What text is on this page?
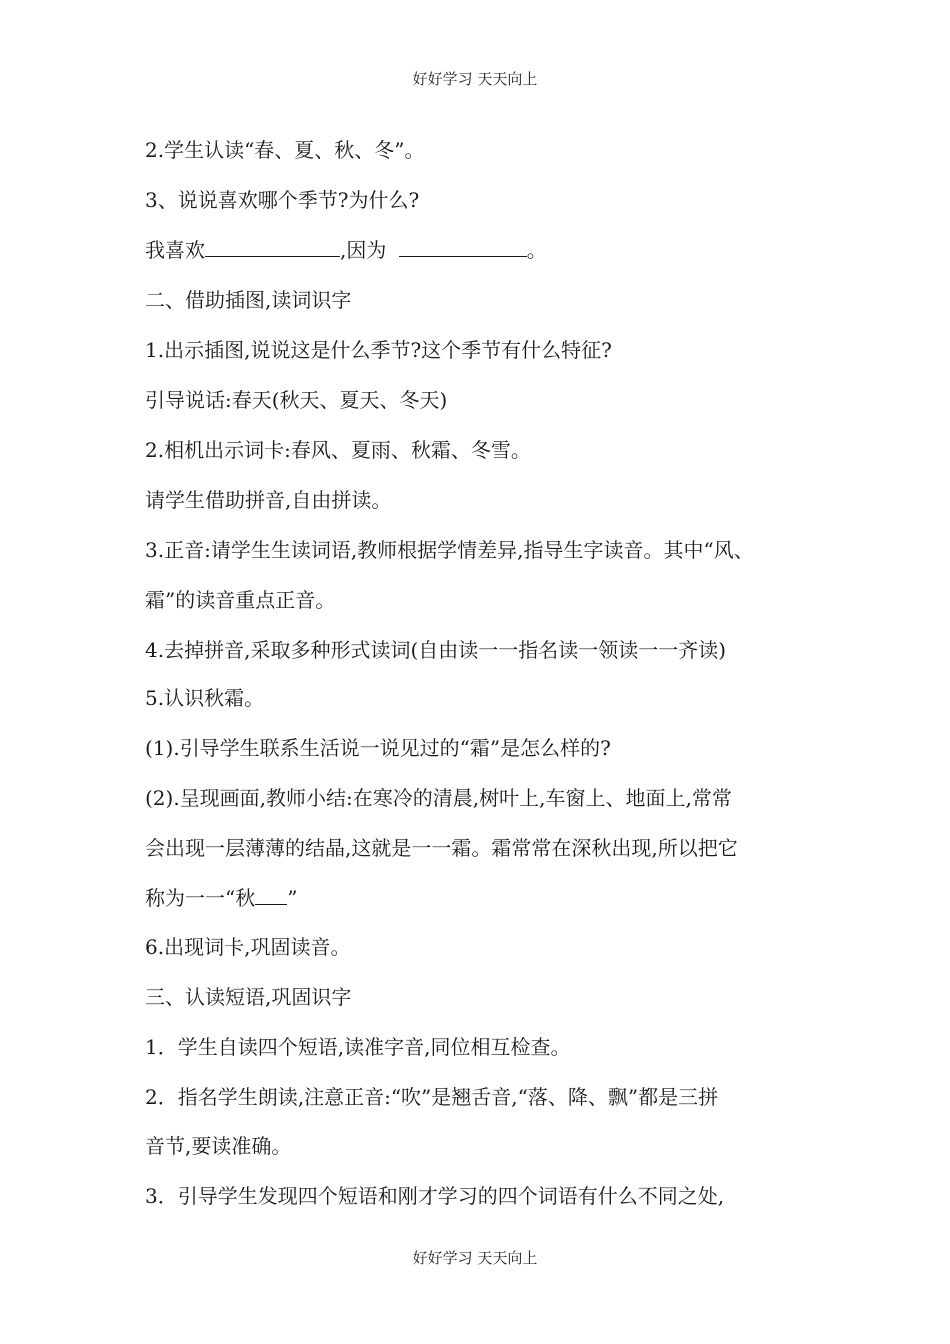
好好学习 天天向上
2.学生认读“春、夏、秋、冬”。
3、说说喜欢哪个季节?为什么?
我喜欢	,因为	。
二、借助插图,读词识字
1.出示插图,说说这是什么季节?这个季节有什么特征?
引导说话:春天(秋天、夏天、冬天)
2.相机出示词卡:春风、夏雨、秋霜、冬雪。
请学生借助拼音,自由拼读。
3.正音:请学生生读词语,教师根据学情差异,指导生字读音。其中“风、
霜”的读音重点正音。
4.去掉拼音,采取多种形式读词(自由读一一指名读一领读一一齐读)
5.认识秋霜。
(1).引导学生联系生活说一说见过的“霜”是怎么样的?
(2).呈现画面,教师小结:在寒冷的清晨,树叶上,车窗上、地面上,常常
会出现一层薄薄的结晶,这就是一一霜。霜常常在深秋出现,所以把它
称为一一“秋 ”
6.出现词卡,巩固读音。
三、认读短语,巩固识字
1．学生自读四个短语,读准字音,同位相互检查。
2．指名学生朗读,注意正音:“吹”是翘舌音,“落、降、飘”都是三拼
音节,要读准确。
3．引导学生发现四个短语和刚才学习的四个词语有什么不同之处,
好好学习 天天向上
